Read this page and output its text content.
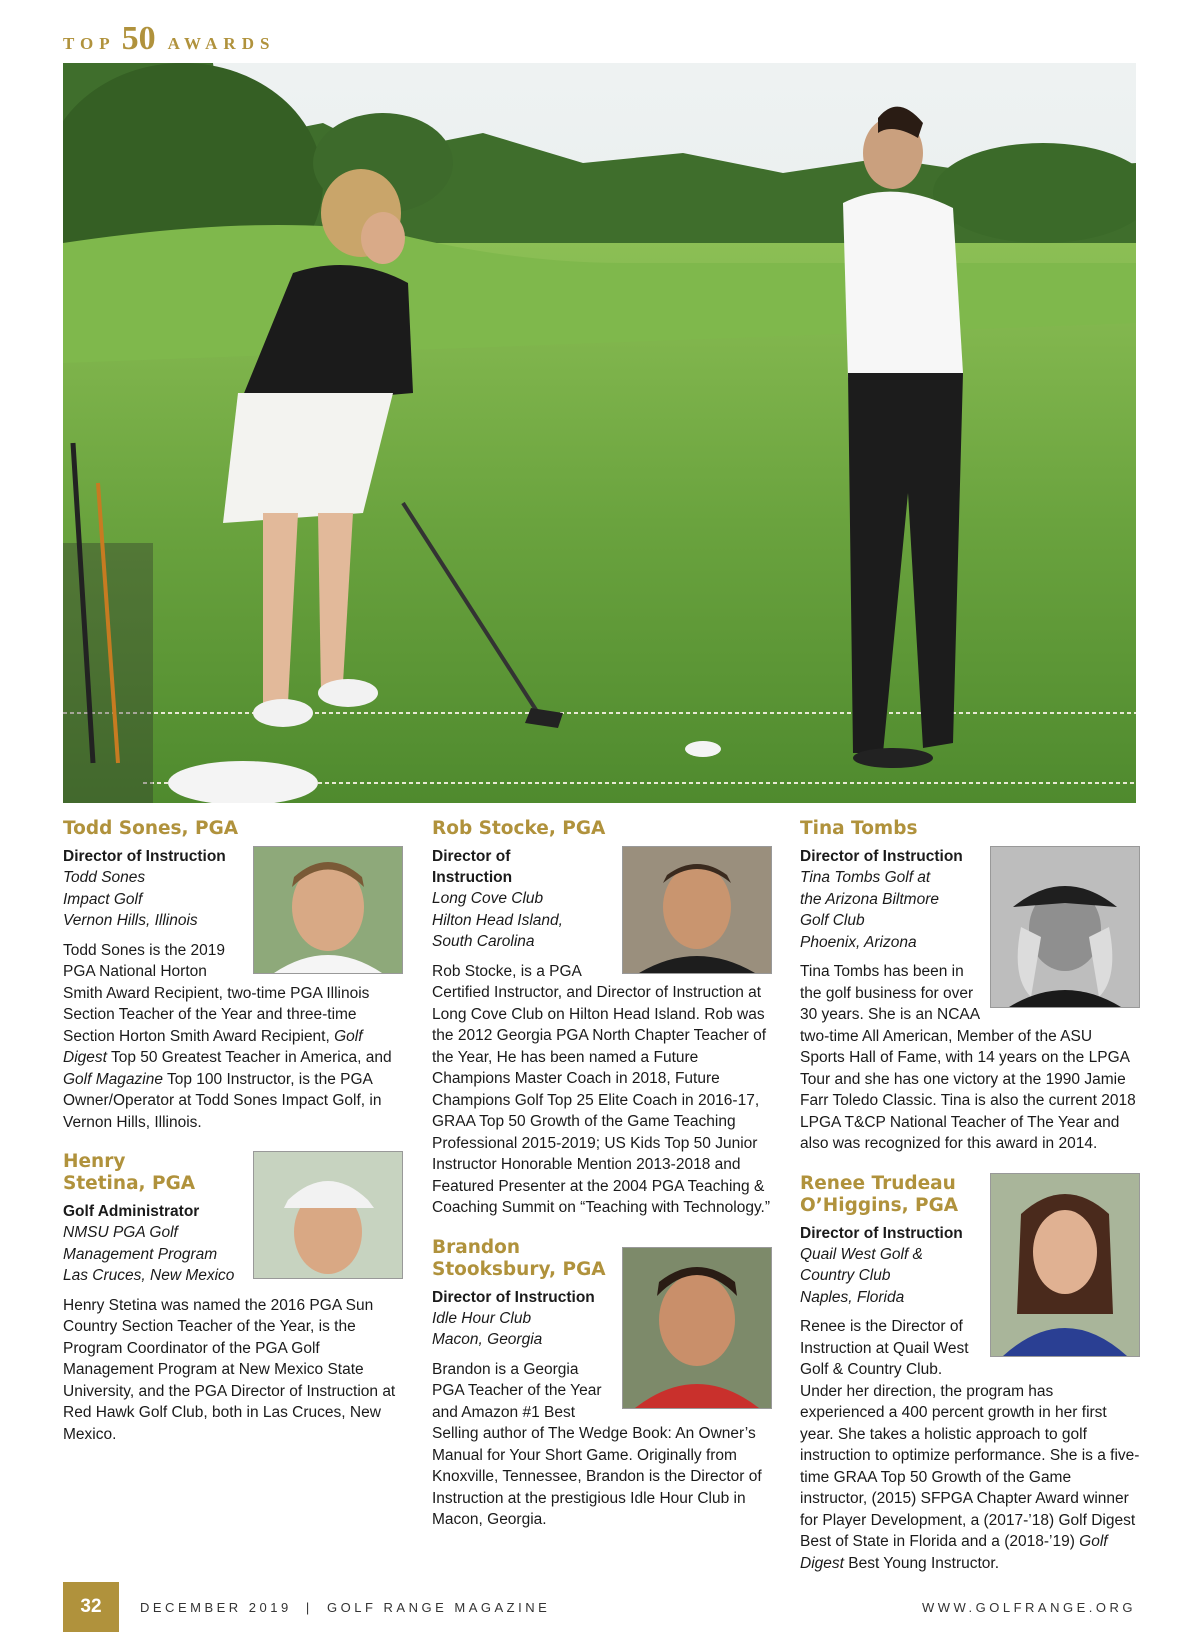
TOP 50 AWARDS
Todd Sones, PGA
Director of Instruction
Todd Sones
Impact Golf
Vernon Hills, Illinois

Todd Sones is the 2019 PGA National Horton Smith Award Recipient, two-time PGA Illinois Section Teacher of the Year and three-time Section Horton Smith Award Recipient, Golf Digest Top 50 Greatest Teacher in America, and Golf Magazine Top 100 Instructor, is the PGA Owner/Operator at Todd Sones Impact Golf, in Vernon Hills, Illinois.

Henry
Stetina, PGA
Golf Administrator
NMSU PGA Golf
Management Program
Las Cruces, New Mexico

Henry Stetina was named the 2016 PGA Sun Country Section Teacher of the Year, is the Program Coordinator of the PGA Golf Management Program at New Mexico State University, and the PGA Director of Instruction at Red Hawk Golf Club, both in Las Cruces, New Mexico.

Rob Stocke, PGA
Director of
Instruction
Long Cove Club
Hilton Head Island,
South Carolina

Rob Stocke, is a PGA Certified Instructor, and Director of Instruction at Long Cove Club on Hilton Head Island. Rob was the 2012 Georgia PGA North Chapter Teacher of the Year, He has been named a Future Champions Master Coach in 2018, Future Champions Golf Top 25 Elite Coach in 2016-17, GRAA Top 50 Growth of the Game Teaching Professional 2015-2019; US Kids Top 50 Junior Instructor Honorable Mention 2013-2018 and Featured Presenter at the 2004 PGA Teaching & Coaching Summit on “Teaching with Technology.”

Brandon
Stooksbury, PGA
Director of Instruction
Idle Hour Club
Macon, Georgia

Brandon is a Georgia PGA Teacher of the Year and Amazon #1 Best Selling author of The Wedge Book: An Owner’s Manual for Your Short Game. Originally from Knoxville, Tennessee, Brandon is the Director of Instruction at the prestigious Idle Hour Club in Macon, Georgia.

Tina Tombs
Director of Instruction
Tina Tombs Golf at
the Arizona Biltmore
Golf Club
Phoenix, Arizona

Tina Tombs has been in the golf business for over 30 years. She is an NCAA two-time All American, Member of the ASU Sports Hall of Fame, with 14 years on the LPGA Tour and she has one victory at the 1990 Jamie Farr Toledo Classic. Tina is also the current 2018 LPGA T&CP National Teacher of The Year and also was recognized for this award in 2014.

Renee Trudeau
O’Higgins, PGA
Director of Instruction
Quail West Golf &
Country Club
Naples, Florida

Renee is the Director of Instruction at Quail West Golf & Country Club. Under her direction, the program has experienced a 400 percent growth in her first year. She takes a holistic approach to golf instruction to optimize performance. She is a five-time GRAA Top 50 Growth of the Game instructor, (2015) SFPGA Chapter Award winner for Player Development, a (2017-’18) Golf Digest Best of State in Florida and a (2018-’19) Golf Digest Best Young Instructor.

32	DECEMBER 2019  |  GOLF RANGE MAGAZINE	WWW.GOLFRANGE.ORG
